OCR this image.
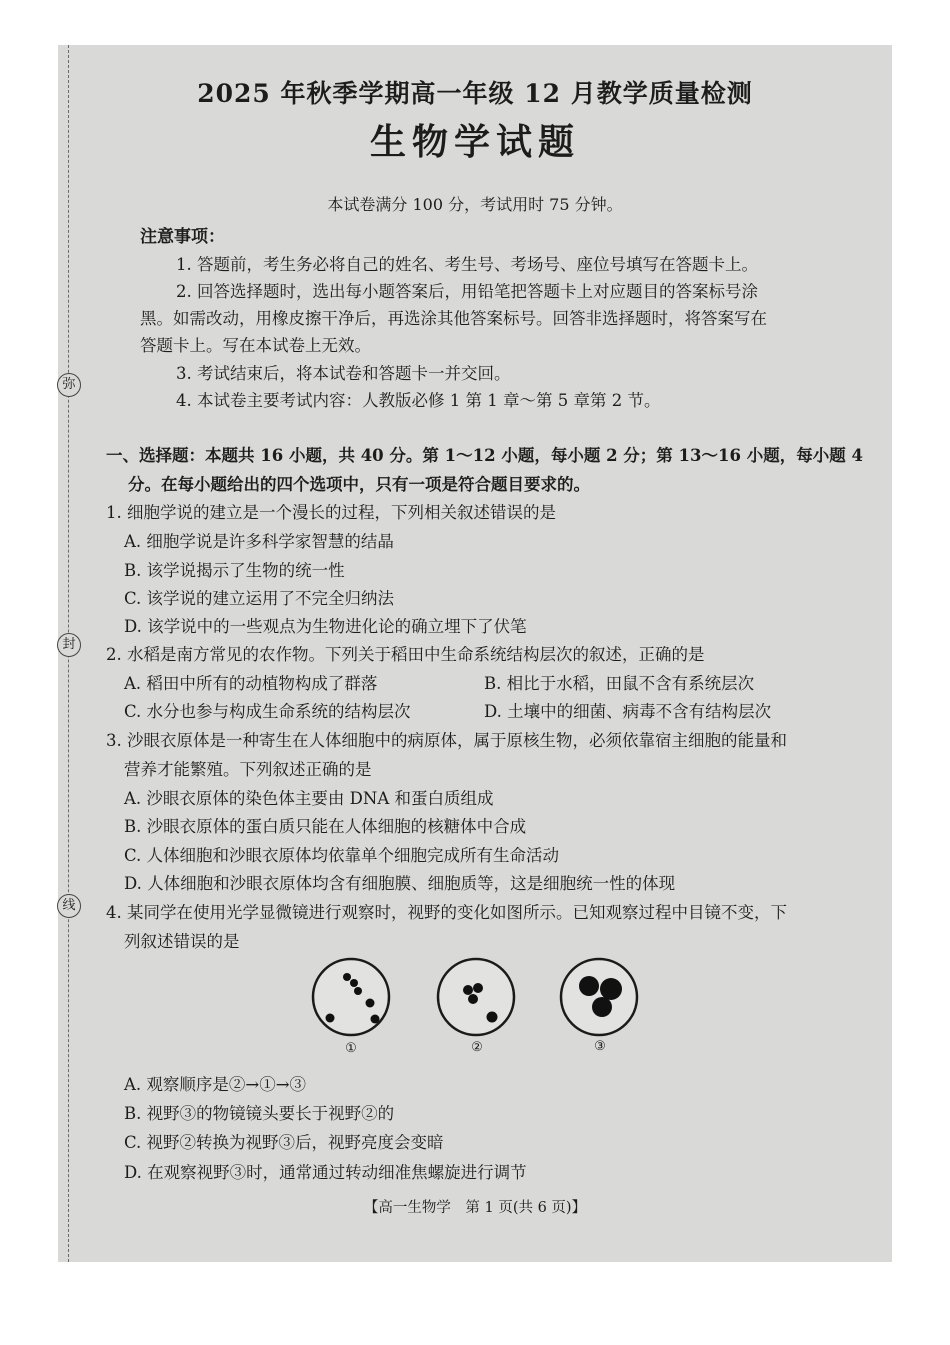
弥
封
线
2025 年秋季学期高一年级 12 月教学质量检测
生物学试题
本试卷满分 100 分，考试用时 75 分钟。
注意事项：
1. 答题前，考生务必将自己的姓名、考生号、考场号、座位号填写在答题卡上。
2. 回答选择题时，选出每小题答案后，用铅笔把答题卡上对应题目的答案标号涂
黑。如需改动，用橡皮擦干净后，再选涂其他答案标号。回答非选择题时，将答案写在
答题卡上。写在本试卷上无效。
3. 考试结束后，将本试卷和答题卡一并交回。
4. 本试卷主要考试内容：人教版必修 1 第 1 章～第 5 章第 2 节。
一、选择题：本题共 16 小题，共 40 分。第 1～12 小题，每小题 2 分；第 13～16 小题，每小题 4
分。在每小题给出的四个选项中，只有一项是符合题目要求的。
1. 细胞学说的建立是一个漫长的过程，下列相关叙述错误的是
A. 细胞学说是许多科学家智慧的结晶
B. 该学说揭示了生物的统一性
C. 该学说的建立运用了不完全归纳法
D. 该学说中的一些观点为生物进化论的确立埋下了伏笔
2. 水稻是南方常见的农作物。下列关于稻田中生命系统结构层次的叙述，正确的是
A. 稻田中所有的动植物构成了群落	B. 相比于水稻，田鼠不含有系统层次
C. 水分也参与构成生命系统的结构层次	D. 土壤中的细菌、病毒不含有结构层次
3. 沙眼衣原体是一种寄生在人体细胞中的病原体，属于原核生物，必须依靠宿主细胞的能量和
营养才能繁殖。下列叙述正确的是
A. 沙眼衣原体的染色体主要由 DNA 和蛋白质组成
B. 沙眼衣原体的蛋白质只能在人体细胞的核糖体中合成
C. 人体细胞和沙眼衣原体均依靠单个细胞完成所有生命活动
D. 人体细胞和沙眼衣原体均含有细胞膜、细胞质等，这是细胞统一性的体现
4. 某同学在使用光学显微镜进行观察时，视野的变化如图所示。已知观察过程中目镜不变，下
列叙述错误的是
①	②	③
A. 观察顺序是②→①→③
B. 视野③的物镜镜头要长于视野②的
C. 视野②转换为视野③后，视野亮度会变暗
D. 在观察视野③时，通常通过转动细准焦螺旋进行调节
【高一生物学　第 1 页(共 6 页)】
